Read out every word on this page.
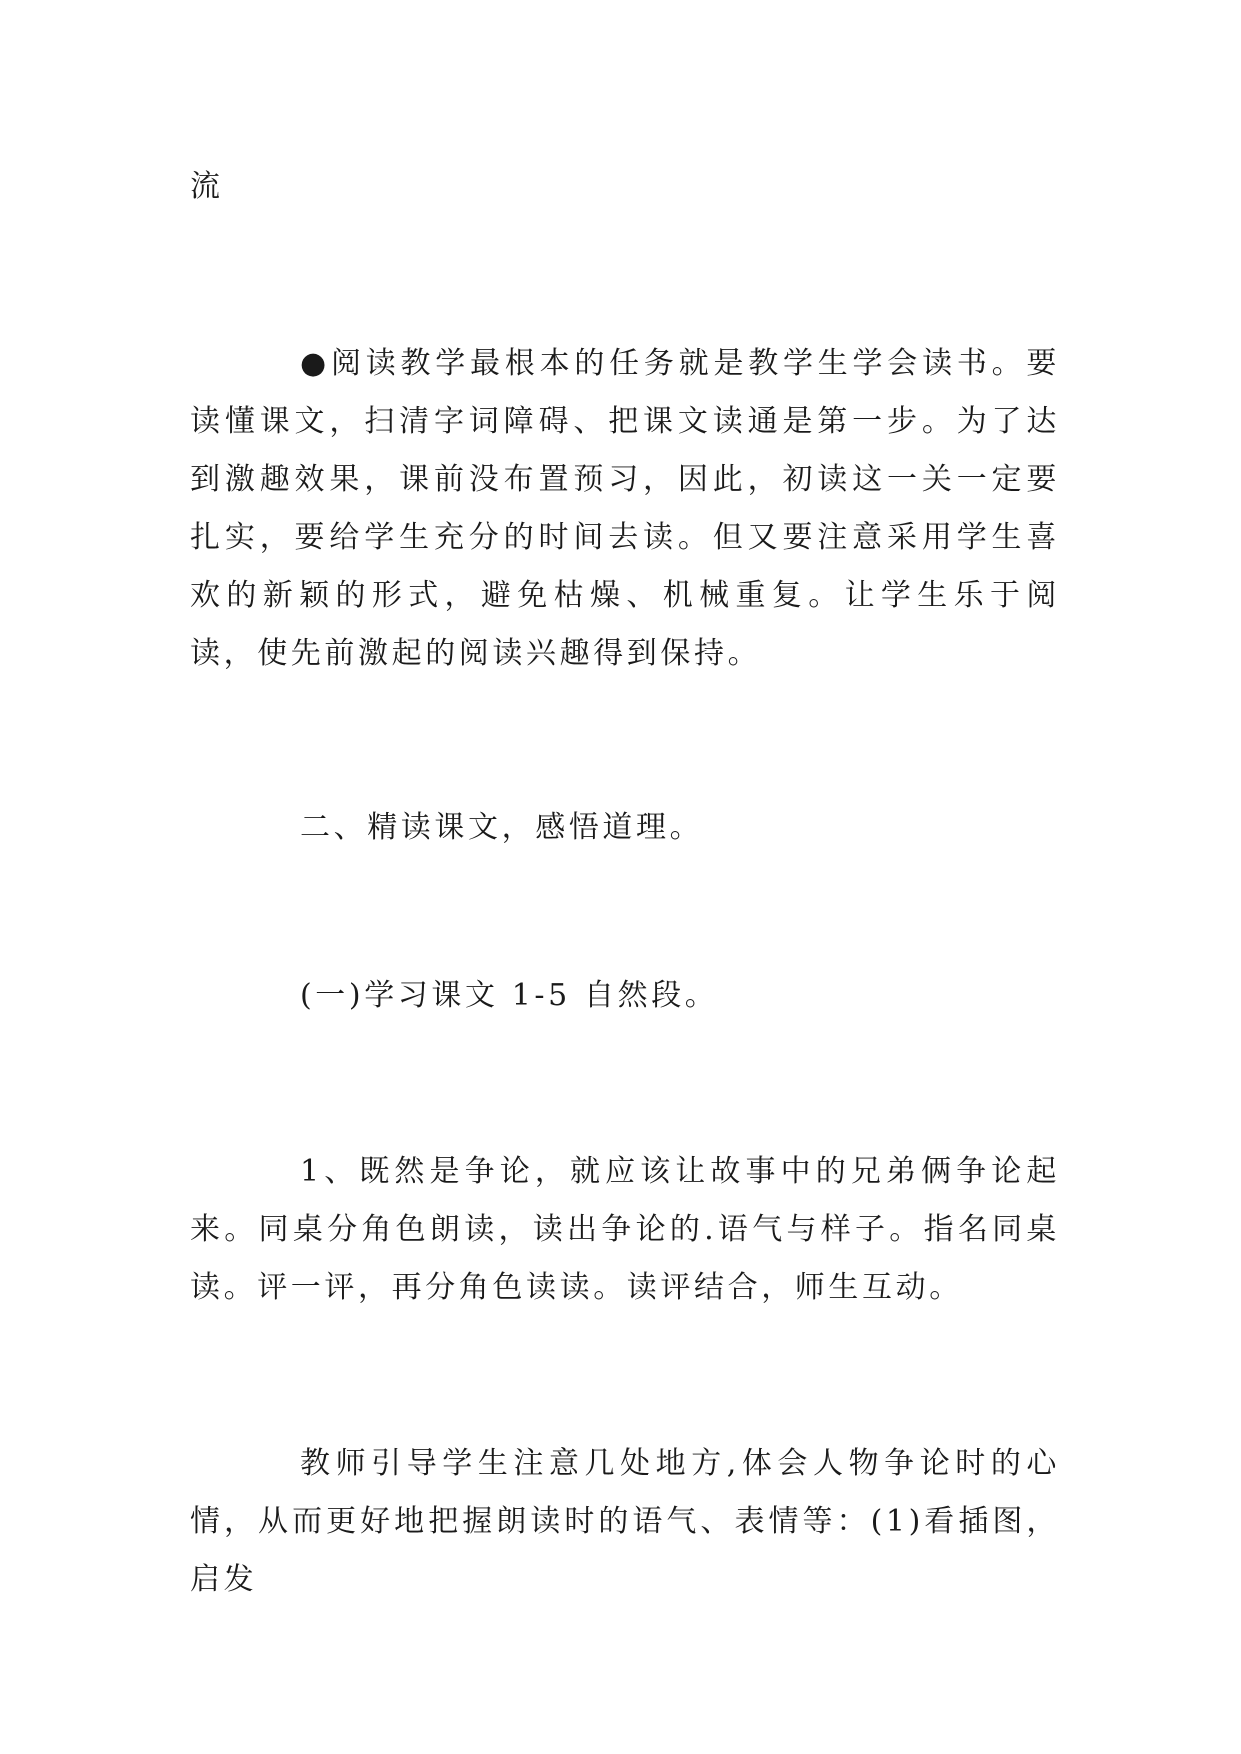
流

●阅读教学最根本的任务就是教学生学会读书。要读懂课文，扫清字词障碍、把课文读通是第一步。为了达到激趣效果，课前没布置预习，因此，初读这一关一定要扎实，要给学生充分的时间去读。但又要注意采用学生喜欢的新颖的形式，避免枯燥、机械重复。让学生乐于阅读，使先前激起的阅读兴趣得到保持。

二、精读课文，感悟道理。

(一)学习课文 1-5 自然段。

1、既然是争论，就应该让故事中的兄弟俩争论起来。同桌分角色朗读，读出争论的.语气与样子。指名同桌读。评一评，再分角色读读。读评结合，师生互动。

教师引导学生注意几处地方,体会人物争论时的心情，从而更好地把握朗读时的语气、表情等：(1)看插图，启发
